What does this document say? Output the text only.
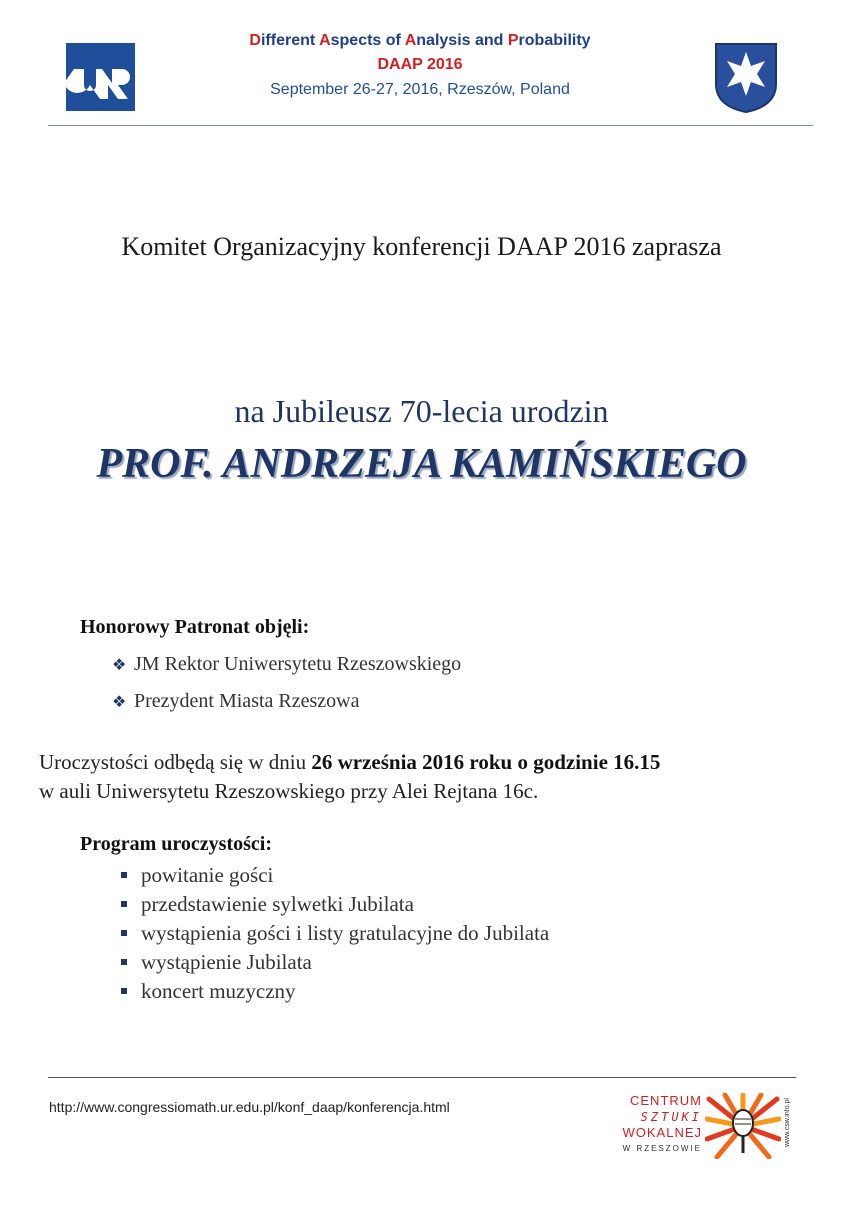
Different Aspects of Analysis and Probability
DAAP 2016
September 26-27, 2016, Rzeszów, Poland
Komitet Organizacyjny konferencji DAAP 2016 zaprasza
na Jubileusz 70-lecia urodzin
PROF. ANDRZEJA KAMIŃSKIEGO
Honorowy Patronat objęli:
❖ JM Rektor Uniwersytetu Rzeszowskiego
❖ Prezydent Miasta Rzeszowa
Uroczystości odbędą się w dniu 26 września 2016 roku o godzinie 16.15
w auli Uniwersytetu Rzeszowskiego przy Alei Rejtana 16c.
Program uroczystości:
powitanie gości
przedstawienie sylwetki Jubilata
wystąpienia gości i listy gratulacyjne do Jubilata
wystąpienie Jubilata
koncert muzyczny
http://www.congressiomath.ur.edu.pl/konf_daap/konferencja.html	CENTRUM
SZTUKI
WOKALNEJ
W RZESZOWIE
www.csw.info.pl
